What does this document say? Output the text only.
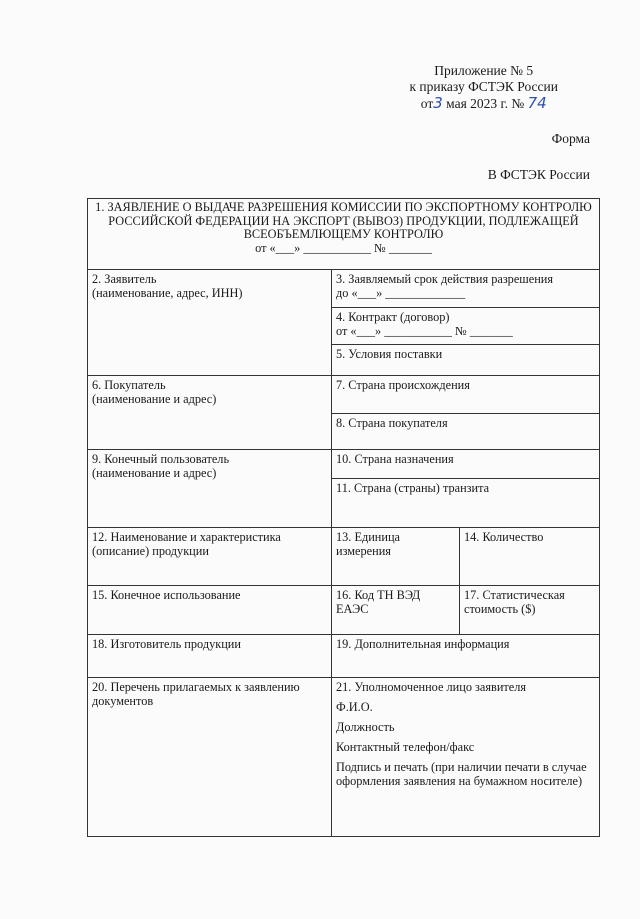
Приложение № 5
к приказу ФСТЭК России
от3 мая 2023 г. № 74
Форма
В ФСТЭК России
1. ЗАЯВЛЕНИЕ О ВЫДАЧЕ РАЗРЕШЕНИЯ КОМИССИИ ПО ЭКСПОРТНОМУ КОНТРОЛЮ РОССИЙСКОЙ ФЕДЕРАЦИИ НА ЭКСПОРТ (ВЫВОЗ) ПРОДУКЦИИ, ПОДЛЕЖАЩЕЙ ВСЕОБЪЕМЛЮЩЕМУ КОНТРОЛЮ
от «___» ___________ № _______		

2. Заявитель
(наименование, адрес, ИНН)	3. Заявляемый срок действия разрешения
до «___» _____________	

	4. Контракт (договор)
от «___» ___________ № _______	

	5. Условия поставки	

6. Покупатель
(наименование и адрес)	7. Страна происхождения	
	8. Страна покупателя	

9. Конечный пользователь
(наименование и адрес)	10. Страна назначения	
	11. Страна (страны) транзита	
12. Наименование и характеристика (описание) продукции	13. Единица измерения	14. Количество
15. Конечное использование	16. Код ТН ВЭД ЕАЭС	17. Статистическая стоимость ($)
18. Изготовитель продукции	19. Дополнительная информация	
20. Перечень прилагаемых к заявлению документов	21. Уполномоченное лицо заявителя

Ф.И.О.

Должность

Контактный телефон/факс

Подпись и печать (при наличии печати в случае оформления заявления на бумажном носителе)	
